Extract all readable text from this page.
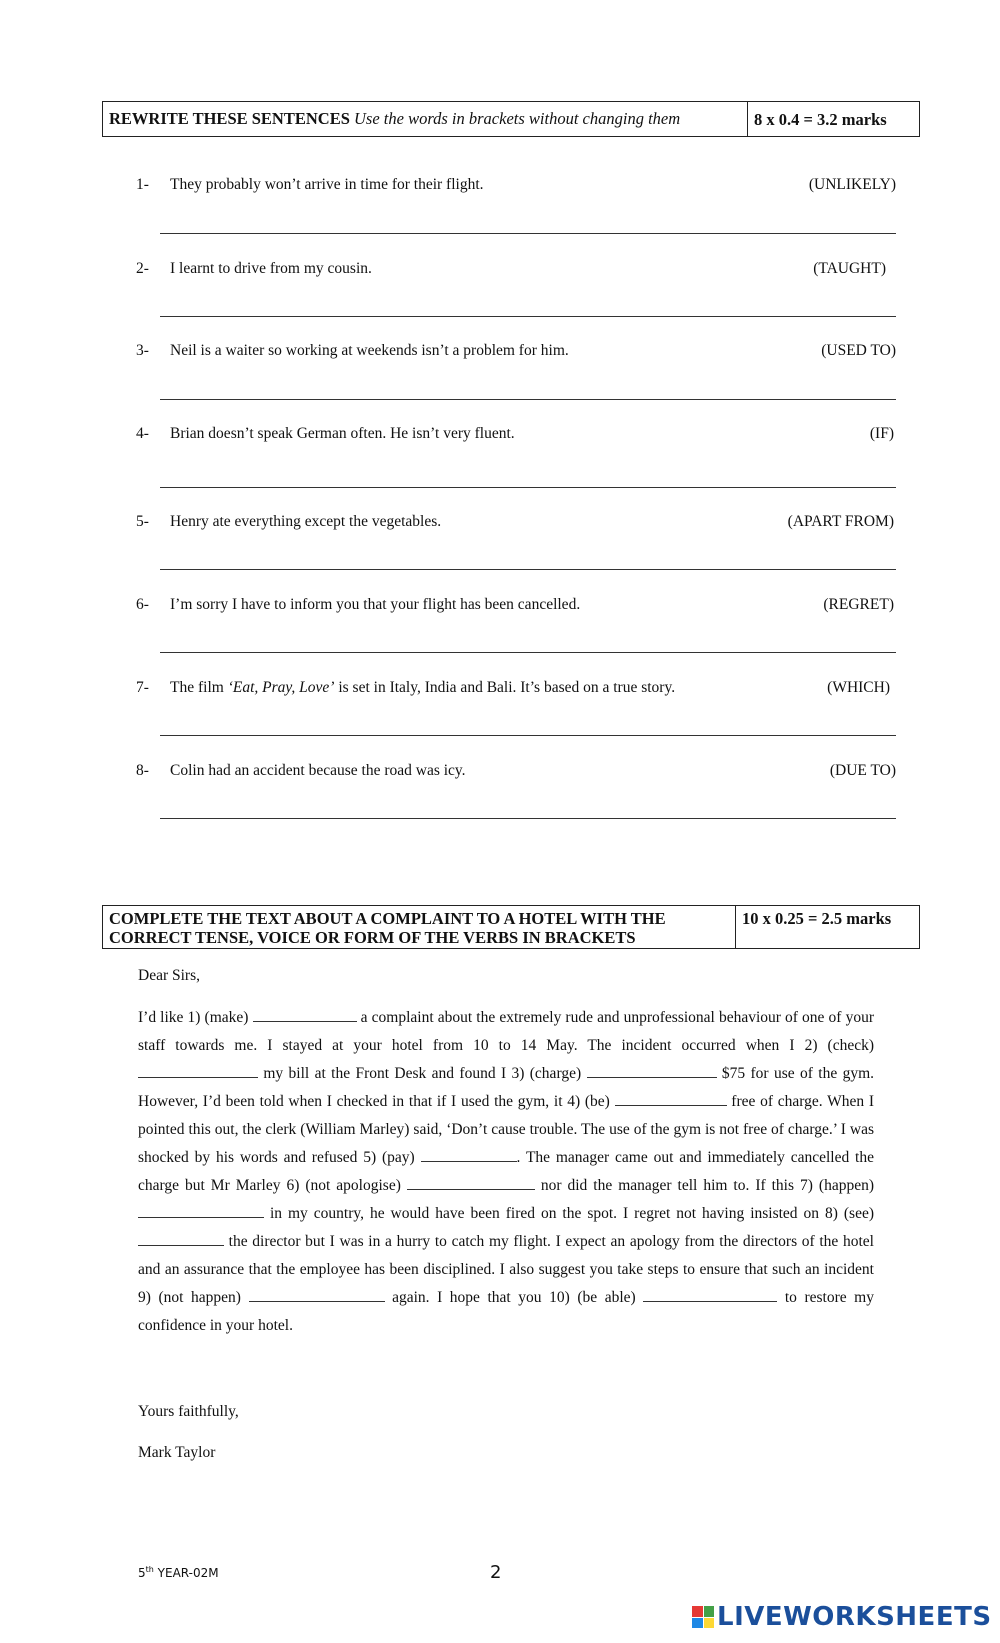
REWRITE THESE SENTENCES Use the words in brackets without changing them	8 x 0.4 = 3.2 marks
1- They probably won’t arrive in time for their flight.	(UNLIKELY)
2- I learnt to drive from my cousin.	(TAUGHT)
3- Neil is a waiter so working at weekends isn’t a problem for him.	(USED TO)
4- Brian doesn’t speak German often. He isn’t very fluent.	(IF)
5- Henry ate everything except the vegetables.	(APART FROM)
6- I’m sorry I have to inform you that your flight has been cancelled.	(REGRET)
7- The film ‘Eat, Pray, Love’ is set in Italy, India and Bali. It’s based on a true story.	(WHICH)
8- Colin had an accident because the road was icy.	(DUE TO)
COMPLETE THE TEXT ABOUT A COMPLAINT TO A HOTEL WITH THE CORRECT TENSE, VOICE OR FORM OF THE VERBS IN BRACKETS
10 x 0.25 = 2.5 marks
Dear Sirs,
I’d like 1) (make)	a complaint about the extremely rude and unprofessional behaviour of one of your staff towards me. I stayed at your hotel from 10 to 14 May. The incident occurred when I 2) (check)  my bill at the Front Desk and found I 3) (charge)	$75 for use of the gym. However, I’d been told when I checked in that if I used the gym, it 4) (be)	free of charge. When I pointed this out, the clerk (William Marley) said, ‘Don’t cause trouble. The use of the gym is not free of charge.’ I was shocked by his words and refused 5) (pay)	. The manager came out and immediately cancelled the charge but Mr Marley 6) (not apologise)	nor did the manager tell him to. If this 7) (happen)  in my country, he would have been fired on the spot. I regret not having insisted on 8) (see)  the director but I was in a hurry to catch my flight. I expect an apology from the directors of the hotel and an assurance that the employee has been disciplined. I also suggest you take steps to ensure that such an incident 9) (not happen)	again. I hope that you 10) (be able)	to restore my confidence in your hotel.
Yours faithfully,
Mark Taylor
5th YEAR-02M	2
LIVEWORKSHEETS
